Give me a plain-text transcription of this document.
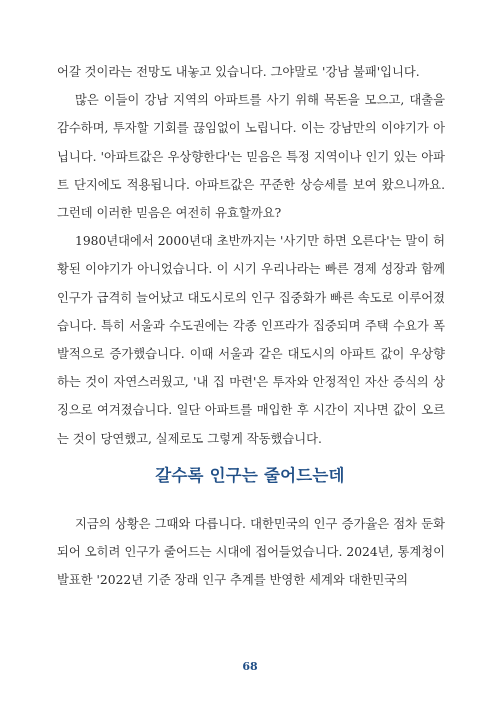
어갈 것이라는 전망도 내놓고 있습니다. 그야말로 '강남 불패'입니다.

많은 이들이 강남 지역의 아파트를 사기 위해 목돈을 모으고, 대출을 감수하며, 투자할 기회를 끊임없이 노립니다. 이는 강남만의 이야기가 아닙니다. '아파트값은 우상향한다'는 믿음은 특정 지역이나 인기 있는 아파트 단지에도 적용됩니다. 아파트값은 꾸준한 상승세를 보여 왔으니까요. 그런데 이러한 믿음은 여전히 유효할까요?

1980년대에서 2000년대 초반까지는 '사기만 하면 오른다'는 말이 허황된 이야기가 아니었습니다. 이 시기 우리나라는 빠른 경제 성장과 함께 인구가 급격히 늘어났고 대도시로의 인구 집중화가 빠른 속도로 이루어졌습니다. 특히 서울과 수도권에는 각종 인프라가 집중되며 주택 수요가 폭발적으로 증가했습니다. 이때 서울과 같은 대도시의 아파트 값이 우상향하는 것이 자연스러웠고, '내 집 마련'은 투자와 안정적인 자산 증식의 상징으로 여겨졌습니다. 일단 아파트를 매입한 후 시간이 지나면 값이 오르는 것이 당연했고, 실제로도 그렇게 작동했습니다.

갈수록 인구는 줄어드는데

지금의 상황은 그때와 다릅니다. 대한민국의 인구 증가율은 점차 둔화되어 오히려 인구가 줄어드는 시대에 접어들었습니다. 2024년, 통계청이 발표한 '2022년 기준 장래 인구 추계를 반영한 세계와 대한민국의

68
